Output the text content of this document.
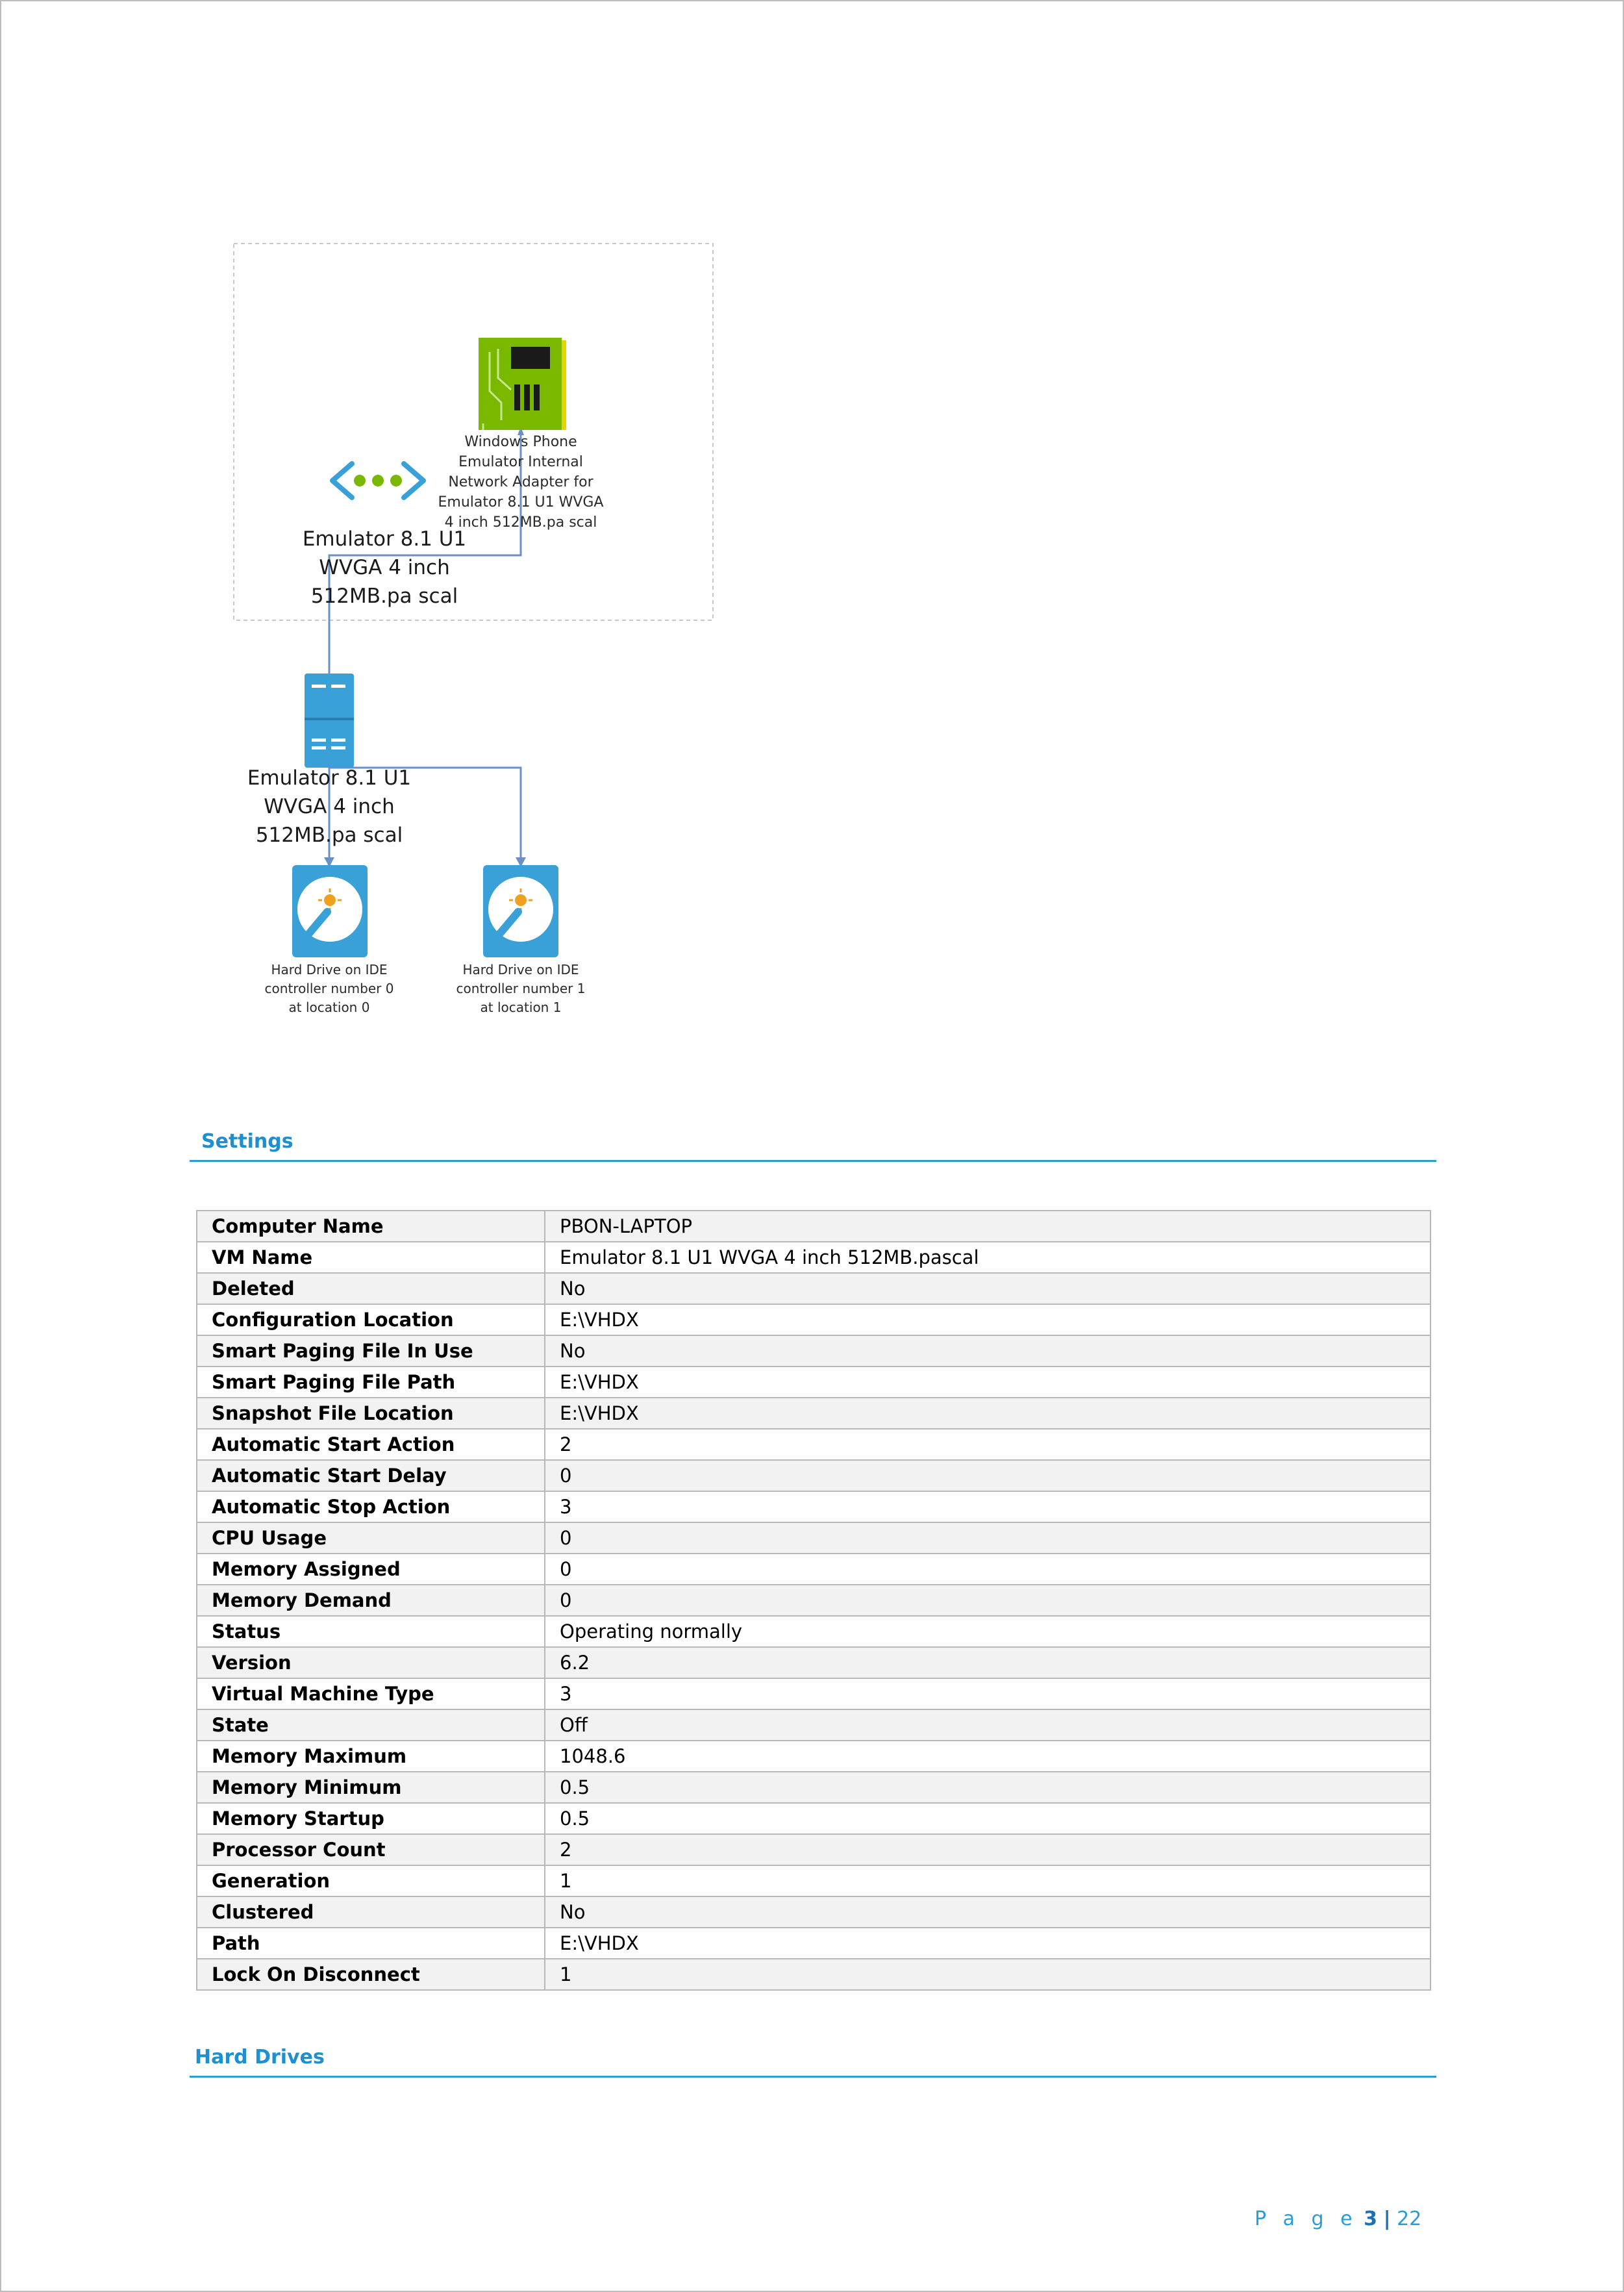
Emulator 8.1 U1
WVGA 4 inch
512MB.pa scal
Windows Phone
Emulator Internal
Network Adapter for
Emulator 8.1 U1 WVGA
4 inch 512MB.pa scal
Emulator 8.1 U1
WVGA 4 inch
512MB.pa scal
Hard Drive on IDE
controller number 0
at location 0
Hard Drive on IDE
controller number 1
at location 1
Settings
Computer Name	PBON-LAPTOP
VM Name	Emulator 8.1 U1 WVGA 4 inch 512MB.pascal
Deleted	No
Configuration Location	E:\VHDX
Smart Paging File In Use	No
Smart Paging File Path	E:\VHDX
Snapshot File Location	E:\VHDX
Automatic Start Action	2
Automatic Start Delay	0
Automatic Stop Action	3
CPU Usage	0
Memory Assigned	0
Memory Demand	0
Status	Operating normally
Version	6.2
Virtual Machine Type	3
State	Off
Memory Maximum	1048.6
Memory Minimum	0.5
Memory Startup	0.5
Processor Count	2
Generation	1
Clustered	No
Path	E:\VHDX
Lock On Disconnect	1
Hard Drives
P a g e 3 | 22
